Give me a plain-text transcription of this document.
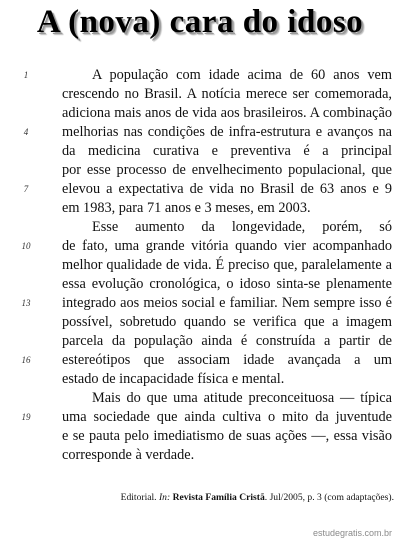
A (nova) cara do idoso
1	A população com idade acima de 60 anos vem
crescendo no Brasil. A notícia merece ser comemorada,
adiciona mais anos de vida aos brasileiros. A combinação
4	melhorias nas condições de infra-estrutura e avanços na
da medicina curativa e preventiva é a principal
por esse processo de envelhecimento populacional, que
7	elevou a expectativa de vida no Brasil de 63 anos e 9
em 1983, para 71 anos e 3 meses, em 2003.
Esse aumento da longevidade, porém, só
10	de fato, uma grande vitória quando vier acompanhado
melhor qualidade de vida. É preciso que, paralelamente a
essa evolução cronológica, o idoso sinta-se plenamente
13	integrado aos meios social e familiar. Nem sempre isso é
possível, sobretudo quando se verifica que a imagem
parcela da população ainda é construída a partir de
16	estereótipos que associam idade avançada a um
estado de incapacidade física e mental.
Mais do que uma atitude preconceituosa — típica
19	uma sociedade que ainda cultiva o mito da juventude
e se pauta pelo imediatismo de suas ações —, essa visão
corresponde à verdade.
Editorial. In: Revista Família Cristã. Jul/2005, p. 3 (com adaptações).
estudegratis.com.br
